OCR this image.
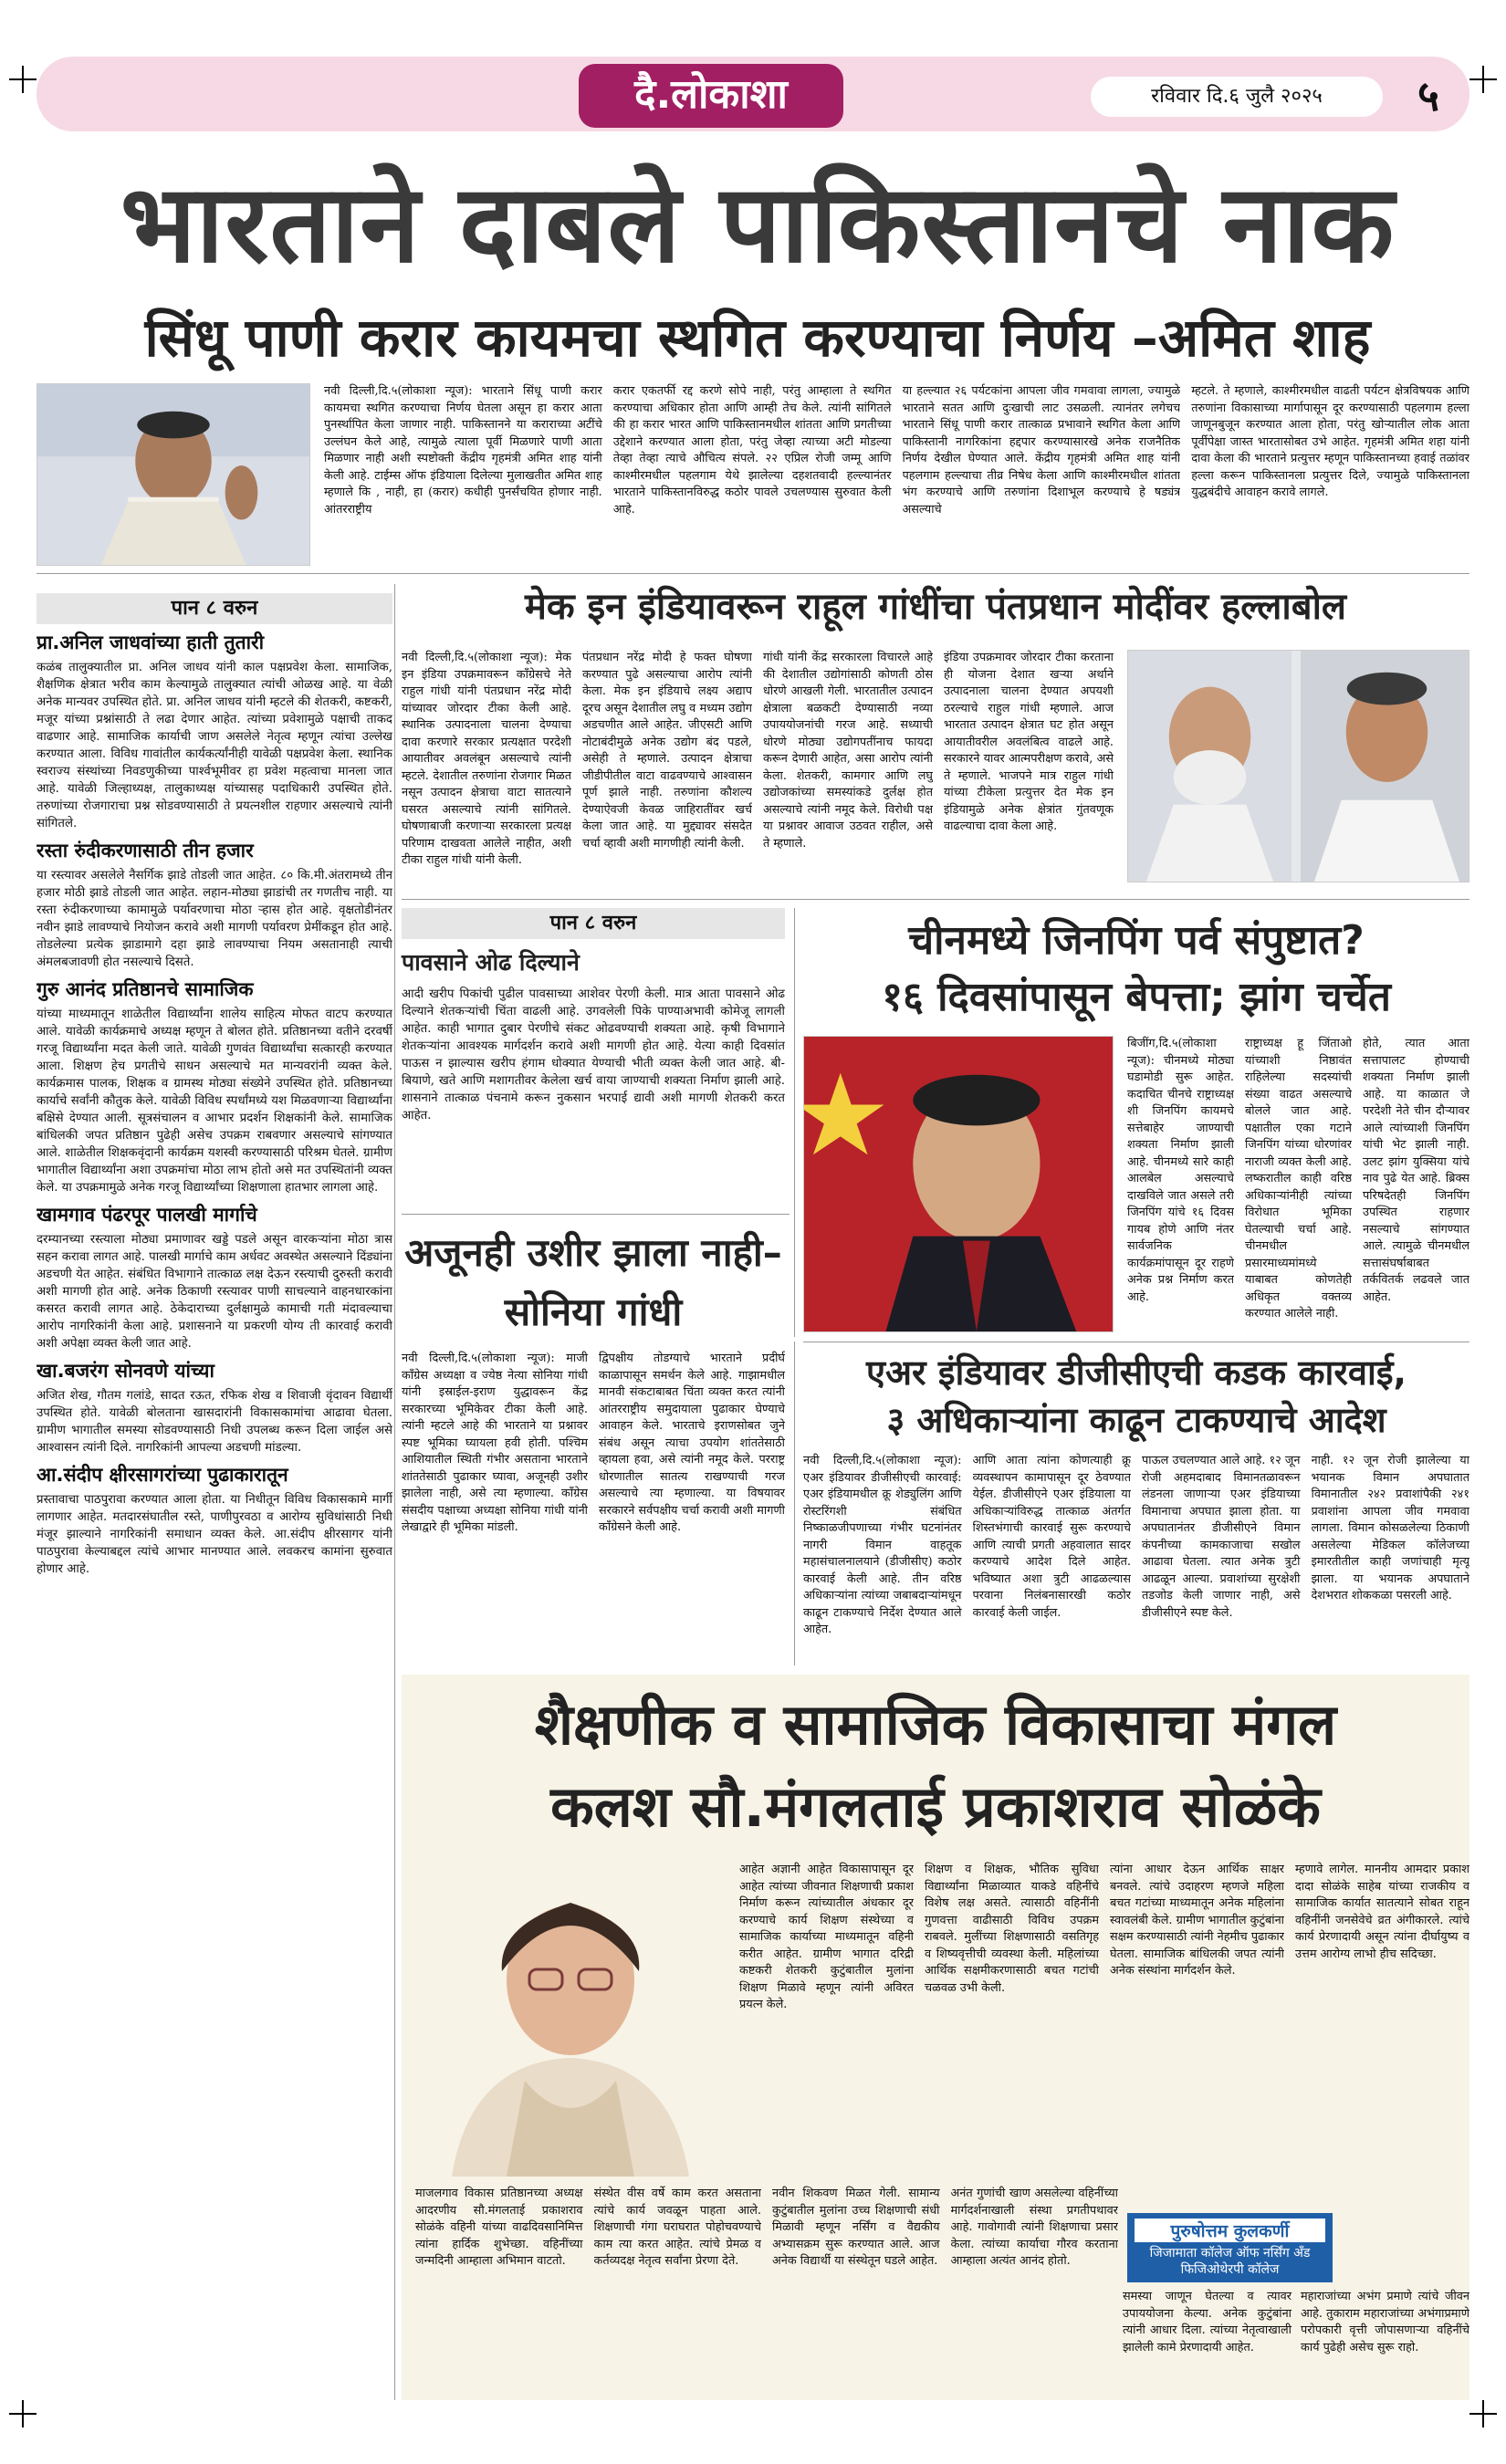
दै.लोकाशा	रविवार दि.६ जुलै २०२५	५
भारताने दाबले पाकिस्तानचे नाक
सिंधू पाणी करार कायमचा स्थगित करण्याचा निर्णय –अमित शाह
नवी दिल्ली,दि.५(लोकाशा न्यूज): भारताने सिंधू पाणी करार कायमचा स्थगित करण्याचा निर्णय घेतला असून हा करार आता पुनर्स्थापित केला जाणार नाही. पाकिस्तानने या कराराच्या अटींचे उल्लंघन केले आहे, त्यामुळे त्याला पूर्वी मिळणारे पाणी आता मिळणार नाही अशी स्पष्टोक्ती केंद्रीय गृहमंत्री अमित शाह यांनी केली आहे. टाईम्स ऑफ इंडियाला दिलेल्या मुलाखतीत अमित शाह म्हणाले कि , नाही, हा (करार) कधीही पुनर्संचयित होणार नाही. आंतरराष्ट्रीय
करार एकतर्फी रद्द करणे सोपे नाही, परंतु आम्हाला ते स्थगित करण्याचा अधिकार होता आणि आम्ही तेच केले. त्यांनी सांगितले की हा करार भारत आणि पाकिस्तानमधील शांतता आणि प्रगतीच्या उद्देशाने करण्यात आला होता, परंतु जेव्हा त्याच्या अटी मोडल्या तेव्हा तेव्हा त्याचे औचित्य संपले. २२ एप्रिल रोजी जम्मू आणि काश्मीरमधील पहलगाम येथे झालेल्या दहशतवादी हल्ल्यानंतर भारताने पाकिस्तानविरुद्ध कठोर पावले उचलण्यास सुरुवात केली आहे.
या हल्ल्यात २६ पर्यटकांना आपला जीव गमवावा लागला, ज्यामुळे भारताने सतत आणि दुःखाची लाट उसळली. त्यानंतर लगेचच भारताने सिंधू पाणी करार तात्काळ प्रभावाने स्थगित केला आणि पाकिस्तानी नागरिकांना हद्दपार करण्यासारखे अनेक राजनैतिक निर्णय देखील घेण्यात आले. केंद्रीय गृहमंत्री अमित शाह यांनी पहलगाम हल्ल्याचा तीव्र निषेध केला आणि काश्मीरमधील शांतता भंग करण्याचे आणि तरुणांना दिशाभूल करण्याचे हे षड्यंत्र असल्याचे
म्हटले. ते म्हणाले, काश्मीरमधील वाढती पर्यटन क्षेत्रविषयक आणि तरुणांना विकासाच्या मार्गापासून दूर करण्यासाठी पहलगाम हल्ला जाणूनबुजून करण्यात आला होता, परंतु खोऱ्यातील लोक आता पूर्वीपेक्षा जास्त भारतासोबत उभे आहेत. गृहमंत्री अमित शहा यांनी दावा केला की भारताने प्रत्युत्तर म्हणून पाकिस्तानच्या हवाई तळांवर हल्ला करून पाकिस्तानला प्रत्युत्तर दिले, ज्यामुळे पाकिस्तानला युद्धबंदीचे आवाहन करावे लागले.
पान ८ वरुन
प्रा.अनिल जाधवांच्या हाती तुतारी
कळंब तालुक्यातील प्रा. अनिल जाधव यांनी काल पक्षप्रवेश केला. सामाजिक, शैक्षणिक क्षेत्रात भरीव काम केल्यामुळे तालुक्यात त्यांची ओळख आहे. या वेळी अनेक मान्यवर उपस्थित होते. प्रा. अनिल जाधव यांनी म्हटले की शेतकरी, कष्टकरी, मजूर यांच्या प्रश्नांसाठी ते लढा देणार आहेत. त्यांच्या प्रवेशामुळे पक्षाची ताकद वाढणार आहे. सामाजिक कार्याची जाण असलेले नेतृत्व म्हणून त्यांचा उल्लेख करण्यात आला. विविध गावांतील कार्यकर्त्यांनीही यावेळी पक्षप्रवेश केला. स्थानिक स्वराज्य संस्थांच्या निवडणुकीच्या पार्श्वभूमीवर हा प्रवेश महत्वाचा मानला जात आहे. यावेळी जिल्हाध्यक्ष, तालुकाध्यक्ष यांच्यासह पदाधिकारी उपस्थित होते. तरुणांच्या रोजगाराचा प्रश्न सोडवण्यासाठी ते प्रयत्नशील राहणार असल्याचे त्यांनी सांगितले.
रस्ता रुंदीकरणासाठी तीन हजार
या रस्त्यावर असलेले नैसर्गिक झाडे तोडली जात आहेत. ८० कि.मी.अंतरामध्ये तीन हजार मोठी झाडे तोडली जात आहेत. लहान-मोठ्या झाडांची तर गणतीच नाही. या रस्ता रुंदीकरणाच्या कामामुळे पर्यावरणाचा मोठा ऱ्हास होत आहे. वृक्षतोडीनंतर नवीन झाडे लावण्याचे नियोजन करावे अशी मागणी पर्यावरण प्रेमींकडून होत आहे. तोडलेल्या प्रत्येक झाडामागे दहा झाडे लावण्याचा नियम असतानाही त्याची अंमलबजावणी होत नसल्याचे दिसते.
गुरु आनंद प्रतिष्ठानचे सामाजिक
यांच्या माध्यमातून शाळेतील विद्यार्थ्यांना शालेय साहित्य मोफत वाटप करण्यात आले. यावेळी कार्यक्रमाचे अध्यक्ष म्हणून ते बोलत होते. प्रतिष्ठानच्या वतीने दरवर्षी गरजू विद्यार्थ्यांना मदत केली जाते. यावेळी गुणवंत विद्यार्थ्यांचा सत्कारही करण्यात आला. शिक्षण हेच प्रगतीचे साधन असल्याचे मत मान्यवरांनी व्यक्त केले. कार्यक्रमास पालक, शिक्षक व ग्रामस्थ मोठ्या संख्येने उपस्थित होते. प्रतिष्ठानच्या कार्याचे सर्वांनी कौतुक केले. यावेळी विविध स्पर्धांमध्ये यश मिळवणाऱ्या विद्यार्थ्यांना बक्षिसे देण्यात आली. सूत्रसंचालन व आभार प्रदर्शन शिक्षकांनी केले. सामाजिक बांधिलकी जपत प्रतिष्ठान पुढेही असेच उपक्रम राबवणार असल्याचे सांगण्यात आले. शाळेतील शिक्षकवृंदानी कार्यक्रम यशस्वी करण्यासाठी परिश्रम घेतले. ग्रामीण भागातील विद्यार्थ्यांना अशा उपक्रमांचा मोठा लाभ होतो असे मत उपस्थितांनी व्यक्त केले. या उपक्रमामुळे अनेक गरजू विद्यार्थ्यांच्या शिक्षणाला हातभार लागला आहे.
खामगाव पंढरपूर पालखी मार्गाचे
दरम्यानच्या रस्त्याला मोठ्या प्रमाणावर खड्डे पडले असून वारकऱ्यांना मोठा त्रास सहन करावा लागत आहे. पालखी मार्गाचे काम अर्धवट अवस्थेत असल्याने दिंड्यांना अडचणी येत आहेत. संबंधित विभागाने तात्काळ लक्ष देऊन रस्त्याची दुरुस्ती करावी अशी मागणी होत आहे. अनेक ठिकाणी रस्त्यावर पाणी साचल्याने वाहनधारकांना कसरत करावी लागत आहे. ठेकेदाराच्या दुर्लक्षामुळे कामाची गती मंदावल्याचा आरोप नागरिकांनी केला आहे. प्रशासनाने या प्रकरणी योग्य ती कारवाई करावी अशी अपेक्षा व्यक्त केली जात आहे.
खा.बजरंग सोनवणे यांच्या
अजित शेख, गौतम गलांडे, सादत रऊत, रफिक शेख व शिवाजी वृंदावन विद्यार्थी उपस्थित होते. यावेळी बोलताना खासदारांनी विकासकामांचा आढावा घेतला. ग्रामीण भागातील समस्या सोडवण्यासाठी निधी उपलब्ध करून दिला जाईल असे आश्वासन त्यांनी दिले. नागरिकांनी आपल्या अडचणी मांडल्या.
आ.संदीप क्षीरसागरांच्या पुढाकारातून
प्रस्तावाचा पाठपुरावा करण्यात आला होता. या निधीतून विविध विकासकामे मार्गी लागणार आहेत. मतदारसंघातील रस्ते, पाणीपुरवठा व आरोग्य सुविधांसाठी निधी मंजूर झाल्याने नागरिकांनी समाधान व्यक्त केले. आ.संदीप क्षीरसागर यांनी पाठपुरावा केल्याबद्दल त्यांचे आभार मानण्यात आले. लवकरच कामांना सुरुवात होणार आहे.
मेक इन इंडियावरून राहूल गांधींचा पंतप्रधान मोदींवर हल्लाबोल
नवी दिल्ली,दि.५(लोकाशा न्यूज): मेक इन इंडिया उपक्रमावरून काँग्रेसचे नेते राहुल गांधी यांनी पंतप्रधान नरेंद्र मोदी यांच्यावर जोरदार टीका केली आहे. स्थानिक उत्पादनाला चालना देण्याचा दावा करणारे सरकार प्रत्यक्षात परदेशी आयातीवर अवलंबून असल्याचे त्यांनी म्हटले. देशातील तरुणांना रोजगार मिळत नसून उत्पादन क्षेत्राचा वाटा सातत्याने घसरत असल्याचे त्यांनी सांगितले. घोषणाबाजी करणाऱ्या सरकारला प्रत्यक्ष परिणाम दाखवता आलेले नाहीत, अशी टीका राहुल गांधी यांनी केली.
पंतप्रधान नरेंद्र मोदी हे फक्त घोषणा करण्यात पुढे असल्याचा आरोप त्यांनी केला. मेक इन इंडियाचे लक्ष्य अद्याप दूरच असून देशातील लघु व मध्यम उद्योग अडचणीत आले आहेत. जीएसटी आणि नोटाबंदीमुळे अनेक उद्योग बंद पडले, असेही ते म्हणाले. उत्पादन क्षेत्राचा जीडीपीतील वाटा वाढवण्याचे आश्वासन पूर्ण झाले नाही. तरुणांना कौशल्य देण्याऐवजी केवळ जाहिरातींवर खर्च केला जात आहे. या मुद्द्यावर संसदेत चर्चा व्हावी अशी मागणीही त्यांनी केली.
गांधी यांनी केंद्र सरकारला विचारले आहे की देशातील उद्योगांसाठी कोणती ठोस धोरणे आखली गेली. भारतातील उत्पादन क्षेत्राला बळकटी देण्यासाठी नव्या उपाययोजनांची गरज आहे. सध्याची धोरणे मोठ्या उद्योगपतींनाच फायदा करून देणारी आहेत, असा आरोप त्यांनी केला. शेतकरी, कामगार आणि लघु उद्योजकांच्या समस्यांकडे दुर्लक्ष होत असल्याचे त्यांनी नमूद केले. विरोधी पक्ष या प्रश्नावर आवाज उठवत राहील, असे ते म्हणाले.
इंडिया उपक्रमावर जोरदार टीका करताना ही योजना देशात खऱ्या अर्थाने उत्पादनाला चालना देण्यात अपयशी ठरल्याचे राहुल गांधी म्हणाले. आज भारतात उत्पादन क्षेत्रात घट होत असून आयातीवरील अवलंबित्व वाढले आहे. सरकारने यावर आत्मपरीक्षण करावे, असे ते म्हणाले. भाजपने मात्र राहुल गांधी यांच्या टीकेला प्रत्युत्तर देत मेक इन इंडियामुळे अनेक क्षेत्रांत गुंतवणूक वाढल्याचा दावा केला आहे.
पान ८ वरुन
पावसाने ओढ दिल्याने
आदी खरीप पिकांची पुढील पावसाच्या आशेवर पेरणी केली. मात्र आता पावसाने ओढ दिल्याने शेतकऱ्यांची चिंता वाढली आहे. उगवलेली पिके पाण्याअभावी कोमेजू लागली आहेत. काही भागात दुबार पेरणीचे संकट ओढवण्याची शक्यता आहे. कृषी विभागाने शेतकऱ्यांना आवश्यक मार्गदर्शन करावे अशी मागणी होत आहे. येत्या काही दिवसांत पाऊस न झाल्यास खरीप हंगाम धोक्यात येण्याची भीती व्यक्त केली जात आहे. बी-बियाणे, खते आणि मशागतीवर केलेला खर्च वाया जाण्याची शक्यता निर्माण झाली आहे. शासनाने तात्काळ पंचनामे करून नुकसान भरपाई द्यावी अशी मागणी शेतकरी करत आहेत.
चीनमध्ये जिनपिंग पर्व संपुष्टात?
१६ दिवसांपासून बेपत्ता; झांग चर्चेत
बिजींग,दि.५(लोकाशा न्यूज): चीनमध्ये मोठ्या घडामोडी सुरू आहेत. कदाचित चीनचे राष्ट्राध्यक्ष शी जिनपिंग कायमचे सत्तेबाहेर जाण्याची शक्यता निर्माण झाली आहे. चीनमध्ये सारे काही आलबेल असल्याचे दाखविले जात असले तरी जिनपिंग यांचे १६ दिवस गायब होणे आणि नंतर सार्वजनिक कार्यक्रमांपासून दूर राहणे अनेक प्रश्न निर्माण करत आहे.
राष्ट्राध्यक्ष हू जिंताओ यांच्याशी निष्ठावंत राहिलेल्या सदस्यांची संख्या वाढत असल्याचे बोलले जात आहे. पक्षातील एका गटाने जिनपिंग यांच्या धोरणांवर नाराजी व्यक्त केली आहे. लष्करातील काही वरिष्ठ अधिकाऱ्यांनीही त्यांच्या विरोधात भूमिका घेतल्याची चर्चा आहे. चीनमधील प्रसारमाध्यमांमध्ये याबाबत कोणतेही अधिकृत वक्तव्य करण्यात आलेले नाही.
होते, त्यात आता सत्तापालट होण्याची शक्यता निर्माण झाली आहे. या काळात जे परदेशी नेते चीन दौऱ्यावर आले त्यांच्याशी जिनपिंग यांची भेट झाली नाही. उलट झांग युक्सिया यांचे नाव पुढे येत आहे. ब्रिक्स परिषदेतही जिनपिंग उपस्थित राहणार नसल्याचे सांगण्यात आले. त्यामुळे चीनमधील सत्तासंघर्षाबाबत तर्कवितर्क लढवले जात आहेत.
अजूनही उशीर झाला नाही–सोनिया गांधी
नवी दिल्ली,दि.५(लोकाशा न्यूज): माजी काँग्रेस अध्यक्षा व ज्येष्ठ नेत्या सोनिया गांधी यांनी इस्राईल-इराण युद्धावरून केंद्र सरकारच्या भूमिकेवर टीका केली आहे. त्यांनी म्हटले आहे की भारताने या प्रश्नावर स्पष्ट भूमिका घ्यायला हवी होती. पश्चिम आशियातील स्थिती गंभीर असताना भारताने शांततेसाठी पुढाकार घ्यावा, अजूनही उशीर झालेला नाही, असे त्या म्हणाल्या. काँग्रेस संसदीय पक्षाच्या अध्यक्षा सोनिया गांधी यांनी लेखाद्वारे ही भूमिका मांडली.
द्विपक्षीय तोडग्याचे भारताने प्रदीर्घ काळापासून समर्थन केले आहे. गाझामधील मानवी संकटाबाबत चिंता व्यक्त करत त्यांनी आंतरराष्ट्रीय समुदायाला पुढाकार घेण्याचे आवाहन केले. भारताचे इराणसोबत जुने संबंध असून त्याचा उपयोग शांततेसाठी व्हायला हवा, असे त्यांनी नमूद केले. परराष्ट्र धोरणातील सातत्य राखण्याची गरज असल्याचे त्या म्हणाल्या. या विषयावर सरकारने सर्वपक्षीय चर्चा करावी अशी मागणी काँग्रेसने केली आहे.
एअर इंडियावर डीजीसीएची कडक कारवाई,
३ अधिकाऱ्यांना काढून टाकण्याचे आदेश
नवी दिल्ली,दि.५(लोकाशा न्यूज): एअर इंडियावर डीजीसीएची कारवाई: एअर इंडियामधील क्रू शेड्युलिंग आणि रोस्टरिंगशी संबंधित निष्काळजीपणाच्या गंभीर घटनांनंतर नागरी विमान वाहतूक महासंचालनालयाने (डीजीसीए) कठोर कारवाई केली आहे. तीन वरिष्ठ अधिकाऱ्यांना त्यांच्या जबाबदाऱ्यांमधून काढून टाकण्याचे निर्देश देण्यात आले आहेत.
आणि आता त्यांना कोणत्याही क्रू व्यवस्थापन कामापासून दूर ठेवण्यात येईल. डीजीसीएने एअर इंडियाला या अधिकाऱ्यांविरुद्ध तात्काळ अंतर्गत शिस्तभंगाची कारवाई सुरू करण्याचे आणि त्याची प्रगती अहवालात सादर करण्याचे आदेश दिले आहेत. भविष्यात अशा त्रुटी आढळल्यास परवाना निलंबनासारखी कठोर कारवाई केली जाईल.
पाऊल उचलण्यात आले आहे. १२ जून रोजी अहमदाबाद विमानतळावरून लंडनला जाणाऱ्या एअर इंडियाच्या विमानाचा अपघात झाला होता. या अपघातानंतर डीजीसीएने विमान कंपनीच्या कामकाजाचा सखोल आढावा घेतला. त्यात अनेक त्रुटी आढळून आल्या. प्रवाशांच्या सुरक्षेशी तडजोड केली जाणार नाही, असे डीजीसीएने स्पष्ट केले.
नाही. १२ जून रोजी झालेल्या या भयानक विमान अपघातात विमानातील २४२ प्रवाशांपैकी २४१ प्रवाशांना आपला जीव गमवावा लागला. विमान कोसळलेल्या ठिकाणी असलेल्या मेडिकल कॉलेजच्या इमारतीतील काही जणांचाही मृत्यू झाला. या भयानक अपघाताने देशभरात शोककळा पसरली आहे.
शैक्षणीक व सामाजिक विकासाचा मंगल
कलश सौ.मंगलताई प्रकाशराव सोळंके
आहेत अज्ञानी आहेत विकासापासून दूर आहेत त्यांच्या जीवनात शिक्षणाची प्रकाश निर्माण करून त्यांच्यातील अंधकार दूर करण्याचे कार्य शिक्षण संस्थेच्या व सामाजिक कार्याच्या माध्यमातून वहिनी करीत आहेत. ग्रामीण भागात दरिद्री कष्टकरी शेतकरी कुटुंबातील मुलांना शिक्षण मिळावे म्हणून त्यांनी अविरत प्रयत्न केले.
शिक्षण व शिक्षक, भौतिक सुविधा विद्यार्थ्यांना मिळाव्यात याकडे वहिनींचे विशेष लक्ष असते. त्यासाठी वहिनींनी गुणवत्ता वाढीसाठी विविध उपक्रम राबवले. मुलींच्या शिक्षणासाठी वसतिगृह व शिष्यवृत्तीची व्यवस्था केली. महिलांच्या आर्थिक सक्षमीकरणासाठी बचत गटांची चळवळ उभी केली.
त्यांना आधार देऊन आर्थिक साक्षर बनवले. त्यांचे उदाहरण म्हणजे महिला बचत गटांच्या माध्यमातून अनेक महिलांना स्वावलंबी केले. ग्रामीण भागातील कुटुंबांना सक्षम करण्यासाठी त्यांनी नेहमीच पुढाकार घेतला. सामाजिक बांधिलकी जपत त्यांनी अनेक संस्थांना मार्गदर्शन केले.
म्हणावे लागेल. माननीय आमदार प्रकाश दादा सोळंके साहेब यांच्या राजकीय व सामाजिक कार्यात सातत्याने सोबत राहून वहिनींनी जनसेवेचे व्रत अंगीकारले. त्यांचे कार्य प्रेरणादायी असून त्यांना दीर्घायुष्य व उत्तम आरोग्य लाभो हीच सदिच्छा.
माजलगाव विकास प्रतिष्ठानच्या अध्यक्ष आदरणीय सौ.मंगलताई प्रकाशराव सोळंके वहिनी यांच्या वाढदिवसानिमित्त त्यांना हार्दिक शुभेच्छा. वहिनींच्या जन्मदिनी आम्हाला अभिमान वाटतो.
संस्थेत वीस वर्षे काम करत असताना त्यांचे कार्य जवळून पाहता आले. शिक्षणाची गंगा घराघरात पोहोचवण्याचे काम त्या करत आहेत. त्यांचे प्रेमळ व कर्तव्यदक्ष नेतृत्व सर्वांना प्रेरणा देते.
नवीन शिकवण मिळत गेली. सामान्य कुटुंबातील मुलांना उच्च शिक्षणाची संधी मिळावी म्हणून नर्सिंग व वैद्यकीय अभ्यासक्रम सुरू करण्यात आले. आज अनेक विद्यार्थी या संस्थेतून घडले आहेत.
अनंत गुणांची खाण असलेल्या वहिनींच्या मार्गदर्शनाखाली संस्था प्रगतीपथावर आहे. गावोगावी त्यांनी शिक्षणाचा प्रसार केला. त्यांच्या कार्याचा गौरव करताना आम्हाला अत्यंत आनंद होतो.
पुरुषोत्तम कुलकर्णी
जिजामाता कॉलेज ऑफ नर्सिंग अँड फिजिओथेरपी कॉलेज
समस्या जाणून घेतल्या व त्यावर उपाययोजना केल्या. अनेक कुटुंबांना त्यांनी आधार दिला. त्यांच्या नेतृत्वाखाली झालेली कामे प्रेरणादायी आहेत.
महाराजांच्या अभंग प्रमाणे त्यांचे जीवन आहे. तुकाराम महाराजांच्या अभंगाप्रमाणे परोपकारी वृत्ती जोपासणाऱ्या वहिनींचे कार्य पुढेही असेच सुरू राहो.
